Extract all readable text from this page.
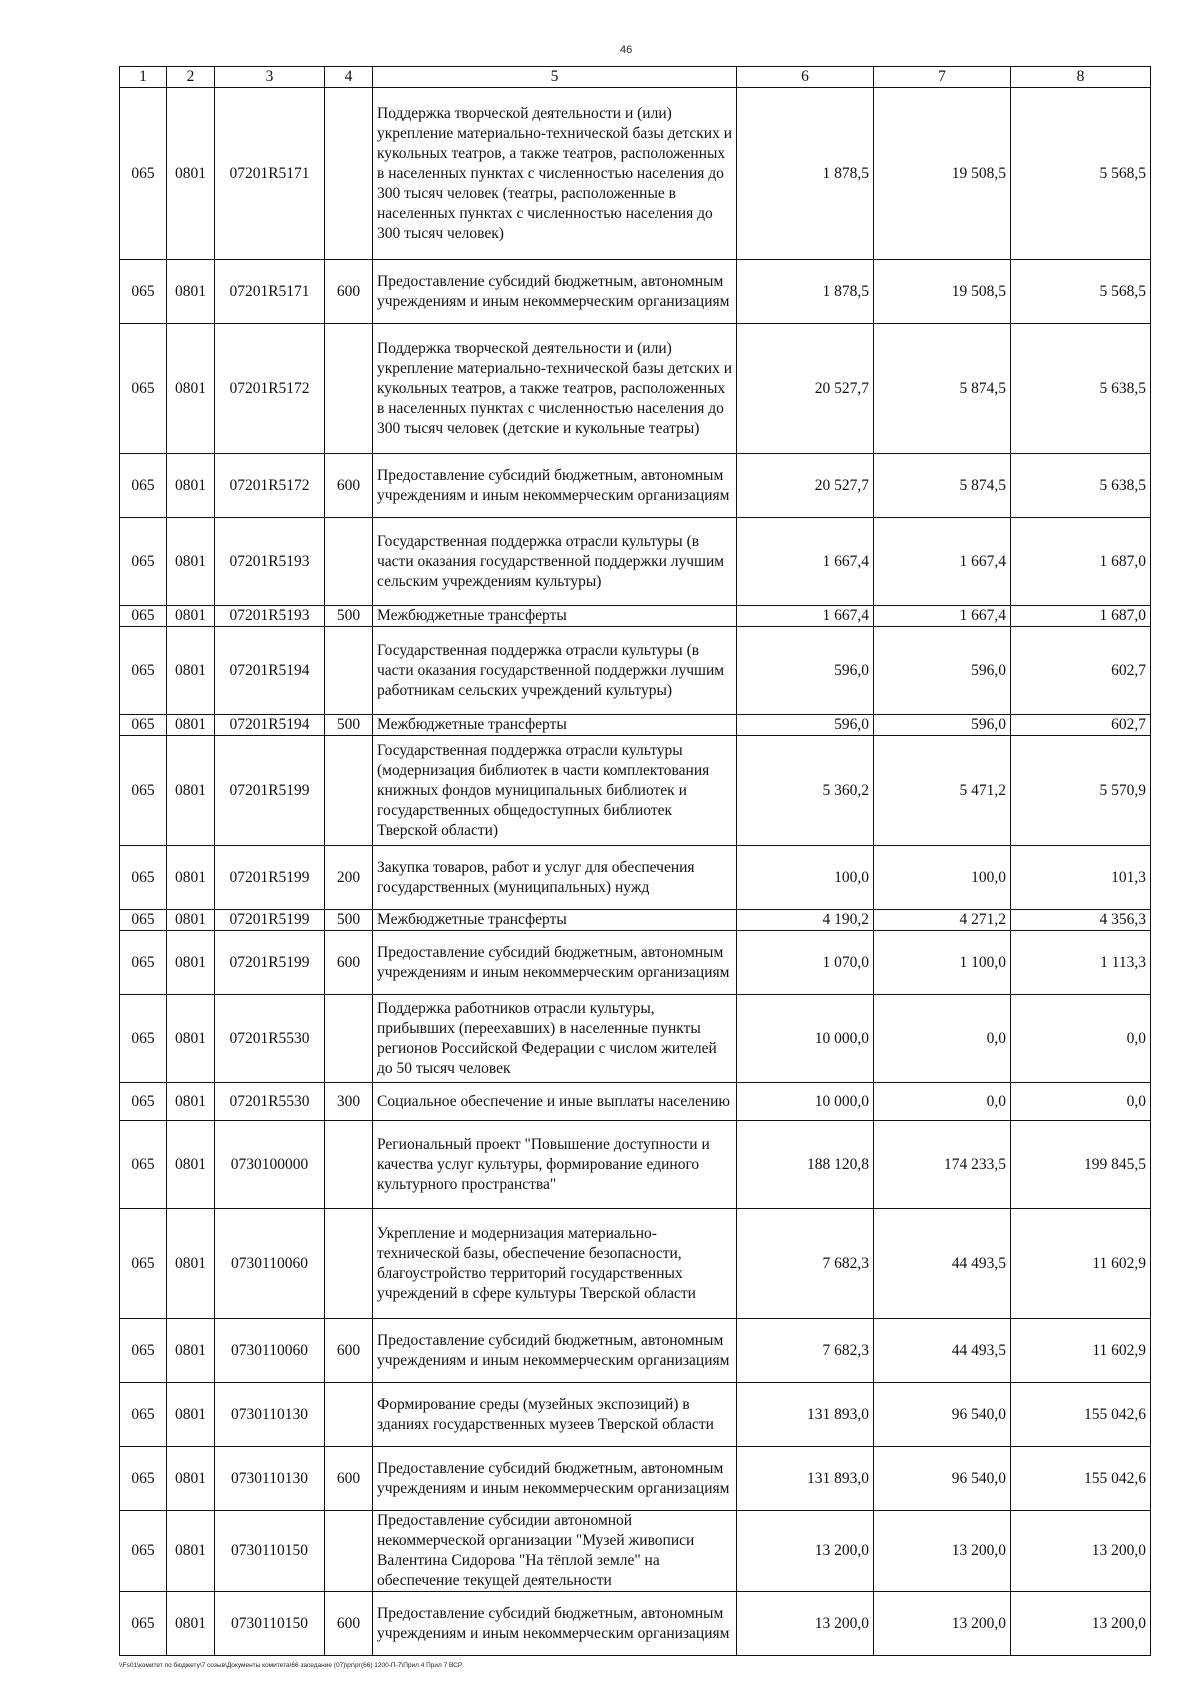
46
1	2	3	4	5	6	7	8
065	0801	07201R5171		Поддержка творческой деятельности и (или) укрепление материально-технической базы детских и кукольных театров, а также театров, расположенных в населенных пунктах с численностью населения до 300 тысяч человек (театры, расположенные в населенных пунктах с численностью населения до 300 тысяч человек)	1 878,5	19 508,5	5 568,5
065	0801	07201R5171	600	Предоставление субсидий бюджетным, автономным учреждениям и иным некоммерческим организациям	1 878,5	19 508,5	5 568,5
065	0801	07201R5172		Поддержка творческой деятельности и (или) укрепление материально-технической базы детских и кукольных театров, а также театров, расположенных в населенных пунктах с численностью населения до 300 тысяч человек (детские и кукольные театры)	20 527,7	5 874,5	5 638,5
065	0801	07201R5172	600	Предоставление субсидий бюджетным, автономным учреждениям и иным некоммерческим организациям	20 527,7	5 874,5	5 638,5
065	0801	07201R5193		Государственная поддержка отрасли культуры (в части оказания государственной поддержки лучшим сельским учреждениям культуры)	1 667,4	1 667,4	1 687,0
065	0801	07201R5193	500	Межбюджетные трансферты	1 667,4	1 667,4	1 687,0
065	0801	07201R5194		Государственная поддержка отрасли культуры (в части оказания государственной поддержки лучшим работникам сельских учреждений культуры)	596,0	596,0	602,7
065	0801	07201R5194	500	Межбюджетные трансферты	596,0	596,0	602,7
065	0801	07201R5199		Государственная поддержка отрасли культуры (модернизация библиотек в части комплектования книжных фондов муниципальных библиотек и государственных общедоступных библиотек Тверской области)	5 360,2	5 471,2	5 570,9
065	0801	07201R5199	200	Закупка товаров, работ и услуг для обеспечения государственных (муниципальных) нужд	100,0	100,0	101,3
065	0801	07201R5199	500	Межбюджетные трансферты	4 190,2	4 271,2	4 356,3
065	0801	07201R5199	600	Предоставление субсидий бюджетным, автономным учреждениям и иным некоммерческим организациям	1 070,0	1 100,0	1 113,3
065	0801	07201R5530		Поддержка работников отрасли культуры, прибывших (переехавших) в населенные пункты регионов Российской Федерации с числом жителей до 50 тысяч человек	10 000,0	0,0	0,0
065	0801	07201R5530	300	Социальное обеспечение и иные выплаты населению	10 000,0	0,0	0,0
065	0801	0730100000		Региональный проект "Повышение доступности и качества услуг культуры, формирование единого культурного пространства"	188 120,8	174 233,5	199 845,5
065	0801	0730110060		Укрепление и модернизация материально-технической базы, обеспечение безопасности, благоустройство территорий государственных учреждений в сфере культуры Тверской области	7 682,3	44 493,5	11 602,9
065	0801	0730110060	600	Предоставление субсидий бюджетным, автономным учреждениям и иным некоммерческим организациям	7 682,3	44 493,5	11 602,9
065	0801	0730110130		Формирование среды (музейных экспозиций) в зданиях государственных музеев Тверской области	131 893,0	96 540,0	155 042,6
065	0801	0730110130	600	Предоставление субсидий бюджетным, автономным учреждениям и иным некоммерческим организациям	131 893,0	96 540,0	155 042,6
065	0801	0730110150		Предоставление субсидии автономной некоммерческой организации "Музей живописи Валентина Сидорова "На тёплой земле" на обеспечение текущей деятельности	13 200,0	13 200,0	13 200,0
065	0801	0730110150	600	Предоставление субсидий бюджетным, автономным учреждениям и иным некоммерческим организациям	13 200,0	13 200,0	13 200,0
\\Fs01\комитет по бюджету\7 созыв\Документы комитета\66 заседание (07)\рг\рг(66) 1200-П-7\Прил 4 Прил 7 ВСР
